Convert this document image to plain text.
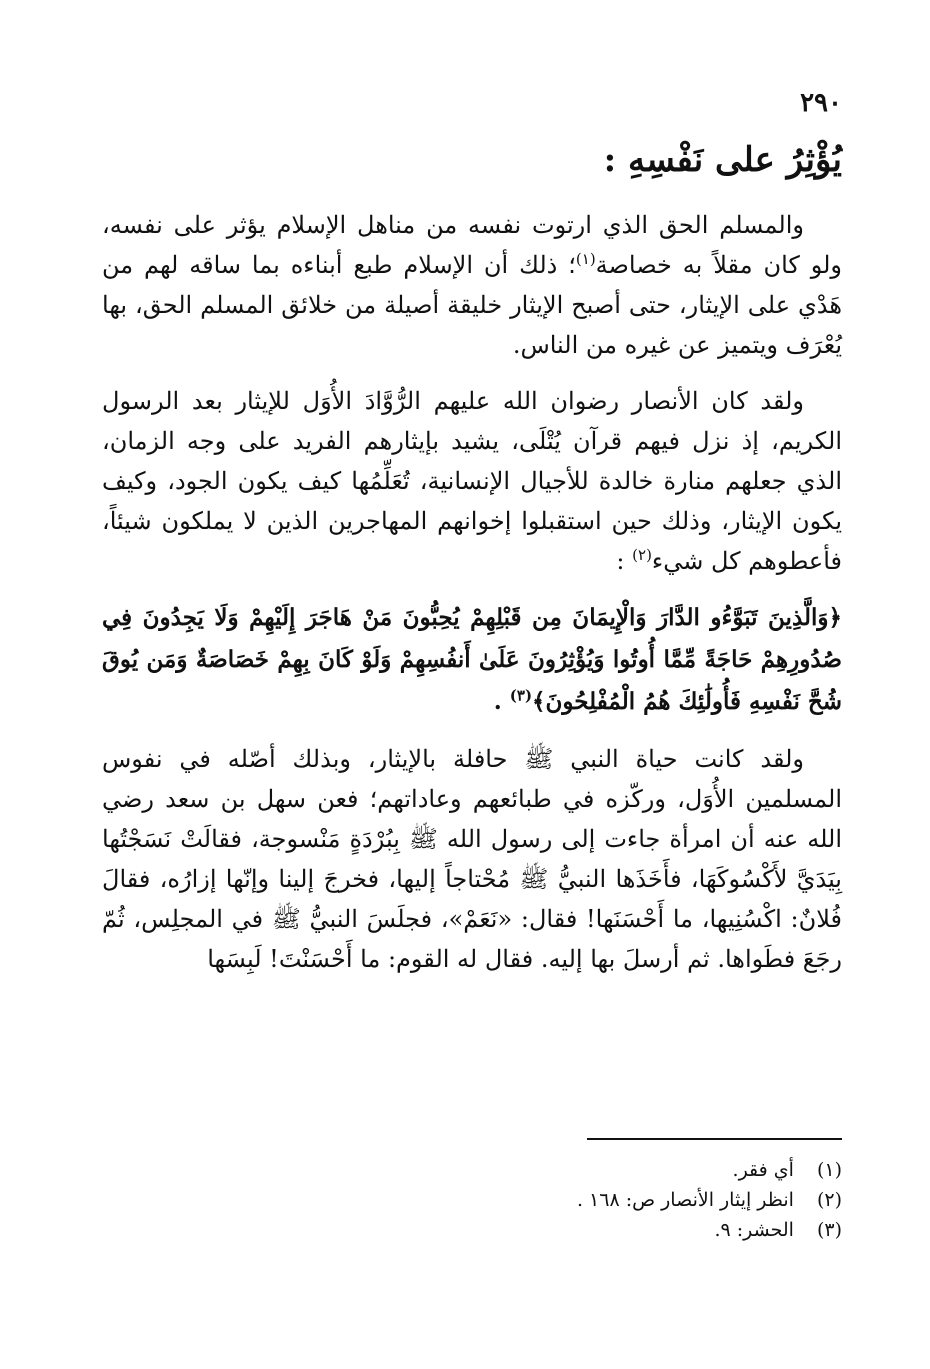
٢٩٠
يُؤْثِرُ على نَفْسِهِ :

والمسلم الحق الذي ارتوت نفسه من مناهل الإسلام يؤثر على نفسه، ولو كان مقلاً به خصاصة$^{(١)}$؛ ذلك أن الإسلام طبع أبناءه بما ساقه لهم من هَدْي على الإيثار، حتى أصبح الإيثار خليقة أصيلة من خلائق المسلم الحق، بها يُعْرَف ويتميز عن غيره من الناس.

ولقد كان الأنصار رضوان الله عليهم الرُّوَّادَ الأُوَل للإيثار بعد الرسول الكريم، إذ نزل فيهم قرآن يُتْلَى، يشيد بإيثارهم الفريد على وجه الزمان، الذي جعلهم منارة خالدة للأجيال الإنسانية، تُعَلِّمُها كيف يكون الجود، وكيف يكون الإيثار، وذلك حين استقبلوا إخوانهم المهاجرين الذين لا يملكون شيئاً، فأعطوهم كل شيء$^{(٢)}$ :

﴿وَالَّذِينَ تَبَوَّءُو الدَّارَ وَالْإِيمَانَ مِن قَبْلِهِمْ يُحِبُّونَ مَنْ هَاجَرَ إِلَيْهِمْ وَلَا يَجِدُونَ فِي صُدُورِهِمْ حَاجَةً مِّمَّا أُوتُوا وَيُؤْثِرُونَ عَلَىٰ أَنفُسِهِمْ وَلَوْ كَانَ بِهِمْ خَصَاصَةٌ وَمَن يُوقَ شُحَّ نَفْسِهِ فَأُولَٰئِكَ هُمُ الْمُفْلِحُونَ﴾$^{(٣)}$ .

ولقد كانت حياة النبي ﷺ حافلة بالإيثار، وبذلك أصّله في نفوس المسلمين الأُوَل، وركّزه في طبائعهم وعاداتهم؛ فعن سهل بن سعد رضي الله عنه أن امرأة جاءت إلى رسول الله ﷺ بِبُرْدَةٍ مَنْسوجة، فقالَتْ نَسَجْتُها بِيَدَيَّ لأَكْسُوكَهَا، فأَخَذَها النبيُّ ﷺ مُحْتاجاً إليها، فخرجَ إلينا وإنّها إزارُه، فقالَ فُلانٌ: اكْسُنِيها، ما أَحْسَنَها! فقال: «نَعَمْ»، فجلَسَ النبيُّ ﷺ في المجلِس، ثُمّ رجَعَ فطَواها. ثم أرسلَ بها إليه. فقال له القوم: ما أَحْسَنْتَ! لَبِسَها

(١) أي فقر.

(٢) انظر إيثار الأنصار ص: ١٦٨ .

(٣) الحشر: ٩.
